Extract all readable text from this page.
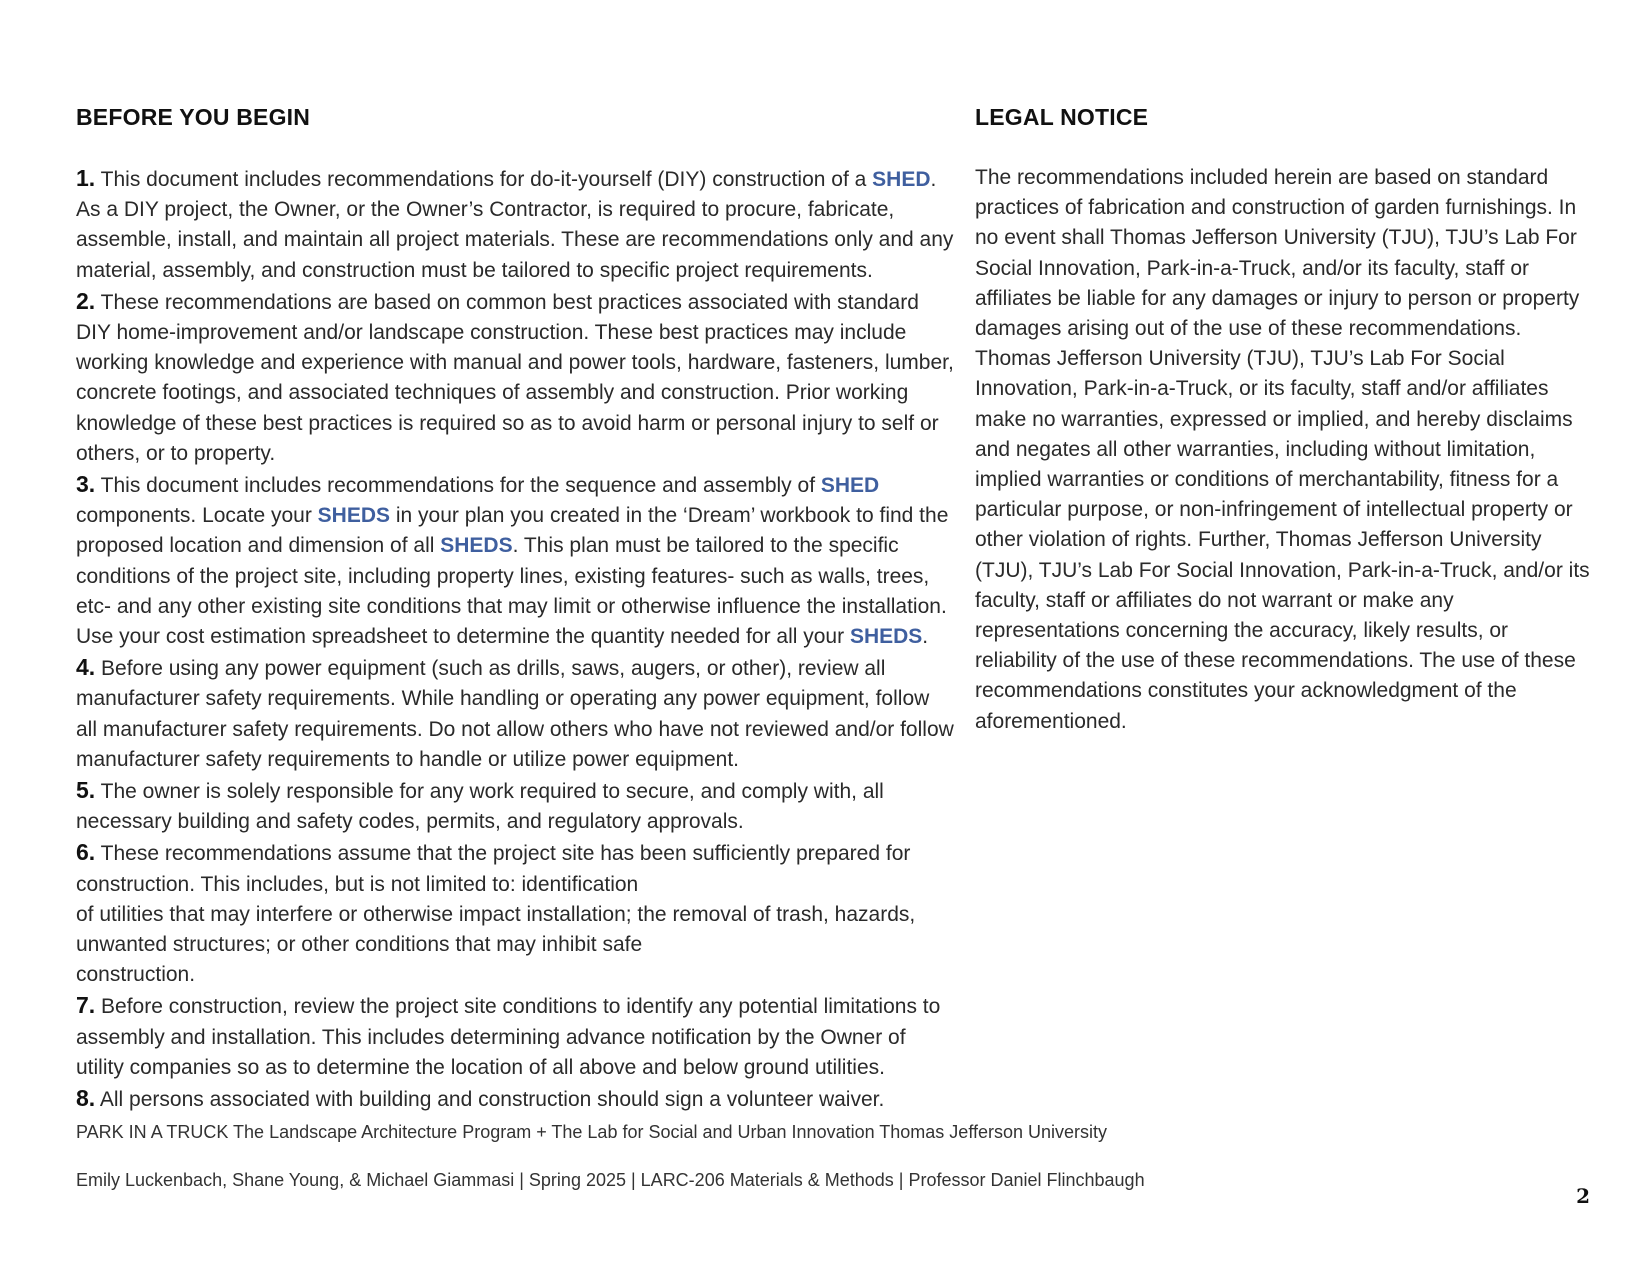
BEFORE YOU BEGIN

1. This document includes recommendations for do-it-yourself (DIY) construction of a SHED. As a DIY project, the Owner, or the Owner’s Contractor, is required to procure, fabricate, assemble, install, and maintain all project materials. These are recommendations only and any material, assembly, and construction must be tailored to specific project requirements.

2. These recommendations are based on common best practices associated with standard DIY home-improvement and/or landscape construction. These best practices may include working knowledge and experience with manual and power tools, hardware, fasteners, lumber, concrete footings, and associated techniques of assembly and construction. Prior working knowledge of these best practices is required so as to avoid harm or personal injury to self or others, or to property.

3. This document includes recommendations for the sequence and assembly of SHED components. Locate your SHEDS in your plan you created in the ‘Dream’ workbook to find the proposed location and dimension of all SHEDS. This plan must be tailored to the specific conditions of the project site, including property lines, existing features- such as walls, trees, etc- and any other existing site conditions that may limit or otherwise influence the installation. Use your cost estimation spreadsheet to determine the quantity needed for all your SHEDS.

4. Before using any power equipment (such as drills, saws, augers, or other), review all manufacturer safety requirements. While handling or operating any power equipment, follow all manufacturer safety requirements. Do not allow others who have not reviewed and/or follow manufacturer safety requirements to handle or utilize power equipment.

5. The owner is solely responsible for any work required to secure, and comply with, all necessary building and safety codes, permits, and regulatory approvals.

6. These recommendations assume that the project site has been sufficiently prepared for construction. This includes, but is not limited to: identification
of utilities that may interfere or otherwise impact installation; the removal of trash, hazards, unwanted structures; or other conditions that may inhibit safe
construction.

7. Before construction, review the project site conditions to identify any potential limitations to assembly and installation. This includes determining advance notification by the Owner of utility companies so as to determine the location of all above and below ground utilities.

8. All persons associated with building and construction should sign a volunteer waiver.

LEGAL NOTICE

The recommendations included herein are based on standard practices of fabrication and construction of garden furnishings. In no event shall Thomas Jefferson University (TJU), TJU’s Lab For Social Innovation, Park-in-a-Truck, and/or its faculty, staff or affiliates be liable for any damages or injury to person or property damages arising out of the use of these recommendations. Thomas Jefferson University (TJU), TJU’s Lab For Social Innovation, Park-in-a-Truck, or its faculty, staff and/or affiliates make no warranties, expressed or implied, and hereby disclaims and negates all other warranties, including without limitation, implied warranties or conditions of merchantability, fitness for a particular purpose, or non-infringement of intellectual property or other violation of rights. Further, Thomas Jefferson University (TJU), TJU’s Lab For Social Innovation, Park-in-a-Truck, and/or its faculty, staff or affiliates do not warrant or make any representations concerning the accuracy, likely results, or reliability of the use of these recommendations. The use of these recommendations constitutes your acknowledgment of the aforementioned.

PARK IN A TRUCK The Landscape Architecture Program + The Lab for Social and Urban Innovation Thomas Jefferson University
Emily Luckenbach, Shane Young, & Michael Giammasi | Spring 2025 | LARC-206 Materials & Methods | Professor Daniel Flinchbaugh
2
